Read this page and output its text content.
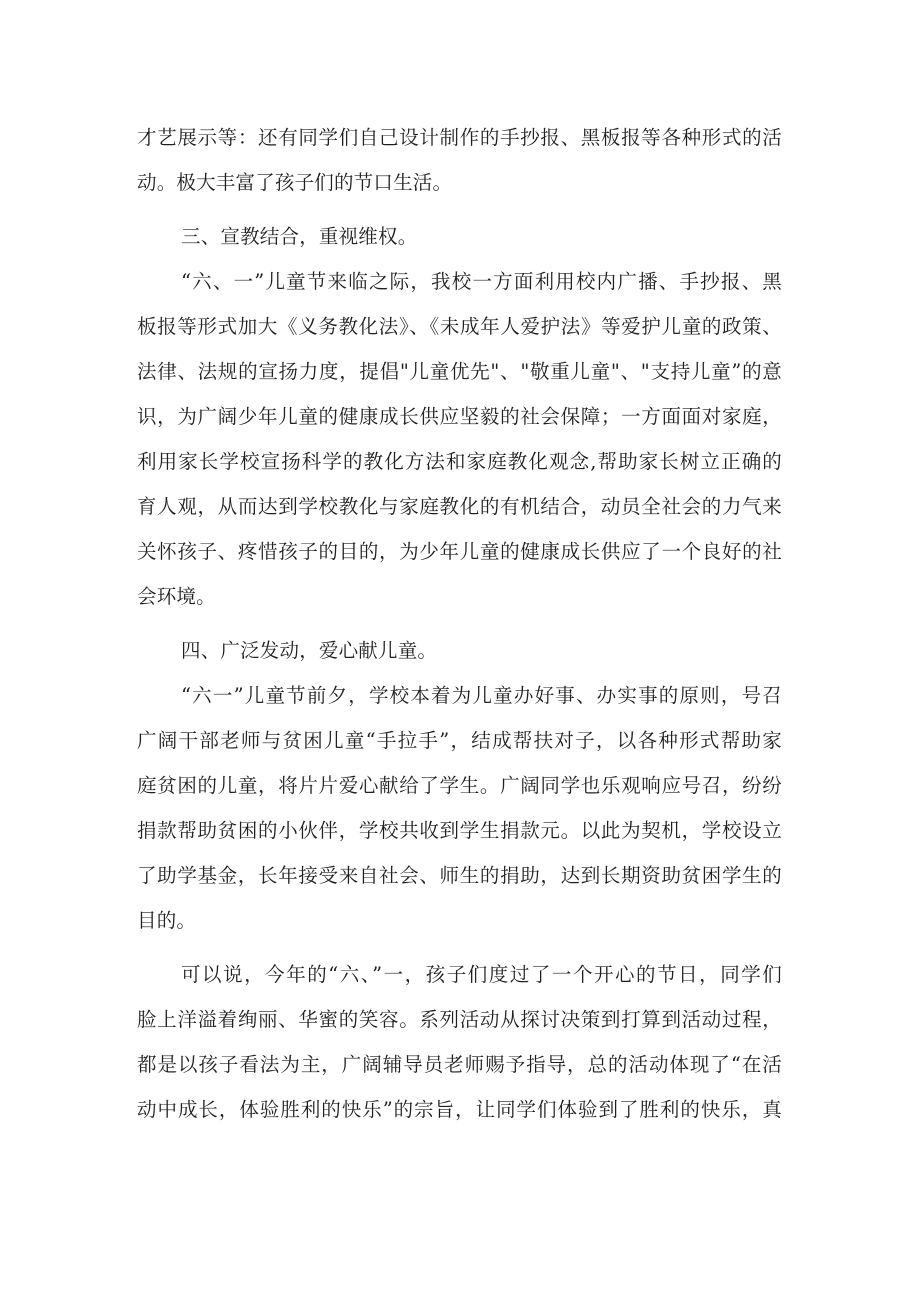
才艺展示等：还有同学们自己设计制作的手抄报、黑板报等各种形式的活
动。极大丰富了孩子们的节口生活。
三、宣教结合，重视维权。
“六、一”儿童节来临之际，我校一方面利用校内广播、手抄报、黑
板报等形式加大《义务教化法》、《未成年人爱护法》等爱护儿童的政策、
法律、法规的宣扬力度，提倡"儿童优先"、"敬重儿童"、"支持儿童”的意
识，为广阔少年儿童的健康成长供应坚毅的社会保障；一方面面对家庭，
利用家长学校宣扬科学的教化方法和家庭教化观念,帮助家长树立正确的
育人观，从而达到学校教化与家庭教化的有机结合，动员全社会的力气来
关怀孩子、疼惜孩子的目的，为少年儿童的健康成长供应了一个良好的社
会环境。
四、广泛发动，爱心献儿童。
“六一”儿童节前夕，学校本着为儿童办好事、办实事的原则，号召
广阔干部老师与贫困儿童“手拉手”，结成帮扶对子，以各种形式帮助家
庭贫困的儿童，将片片爱心献给了学生。广阔同学也乐观响应号召，纷纷
捐款帮助贫困的小伙伴，学校共收到学生捐款元。以此为契机，学校设立
了助学基金，长年接受来自社会、师生的捐助，达到长期资助贫困学生的
目的。
可以说，今年的“六、”一，孩子们度过了一个开心的节日，同学们
脸上洋溢着绚丽、华蜜的笑容。系列活动从探讨决策到打算到活动过程，
都是以孩子看法为主，广阔辅导员老师赐予指导，总的活动体现了“在活
动中成长，体验胜利的快乐”的宗旨，让同学们体验到了胜利的快乐，真
